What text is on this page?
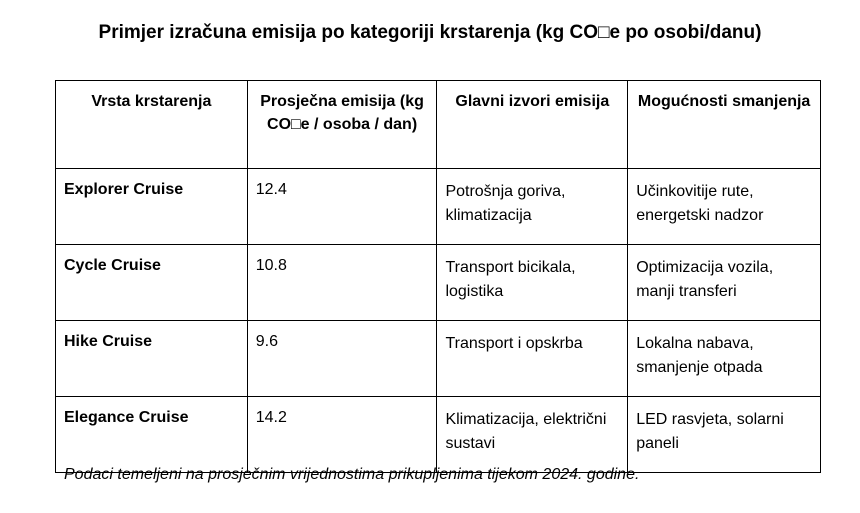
Primjer izračuna emisija po kategoriji krstarenja (kg CO□e po osobi/danu)
Vrsta krstarenja	Prosječna emisija (kg CO□e / osoba / dan)	Glavni izvori emisija	Mogućnosti smanjenja
Explorer Cruise	12.4	Potrošnja goriva, klimatizacija	Učinkovitije rute, energetski nadzor
Cycle Cruise	10.8	Transport bicikala, logistika	Optimizacija vozila, manji transferi
Hike Cruise	9.6	Transport i opskrba	Lokalna nabava, smanjenje otpada
Elegance Cruise	14.2	Klimatizacija, električni sustavi	LED rasvjeta, solarni paneli
Podaci temeljeni na prosječnim vrijednostima prikupljenima tijekom 2024. godine.
